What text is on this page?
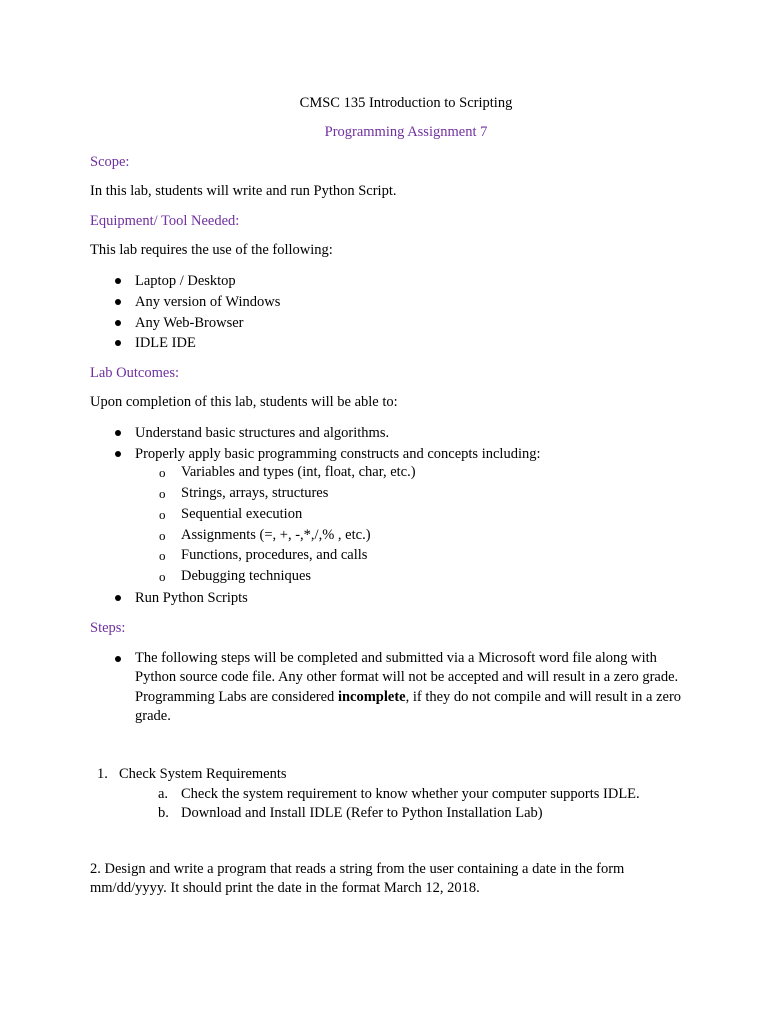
CMSC 135 Introduction to Scripting
Programming Assignment 7
Scope:
In this lab, students will write and run Python Script.
Equipment/ Tool Needed:
This lab requires the use of the following:
Laptop / Desktop
Any version of Windows
Any Web-Browser
IDLE IDE
Lab Outcomes:
Upon completion of this lab, students will be able to:
Understand basic structures and algorithms.
Properly apply basic programming constructs and concepts including:
o Variables and types (int, float, char, etc.)
o Strings, arrays, structures
o Sequential execution
o Assignments (=, +, -,*,/,% , etc.)
o Functions, procedures, and calls
o Debugging techniques
Run Python Scripts
Steps:
The following steps will be completed and submitted via a Microsoft word file along with Python source code file. Any other format will not be accepted and will result in a zero grade. Programming Labs are considered incomplete, if they do not compile and will result in a zero grade.
1. Check System Requirements
a. Check the system requirement to know whether your computer supports IDLE.
b. Download and Install IDLE (Refer to Python Installation Lab)
2. Design and write a program that reads a string from the user containing a date in the form
mm/dd/yyyy. It should print the date in the format March 12, 2018.
